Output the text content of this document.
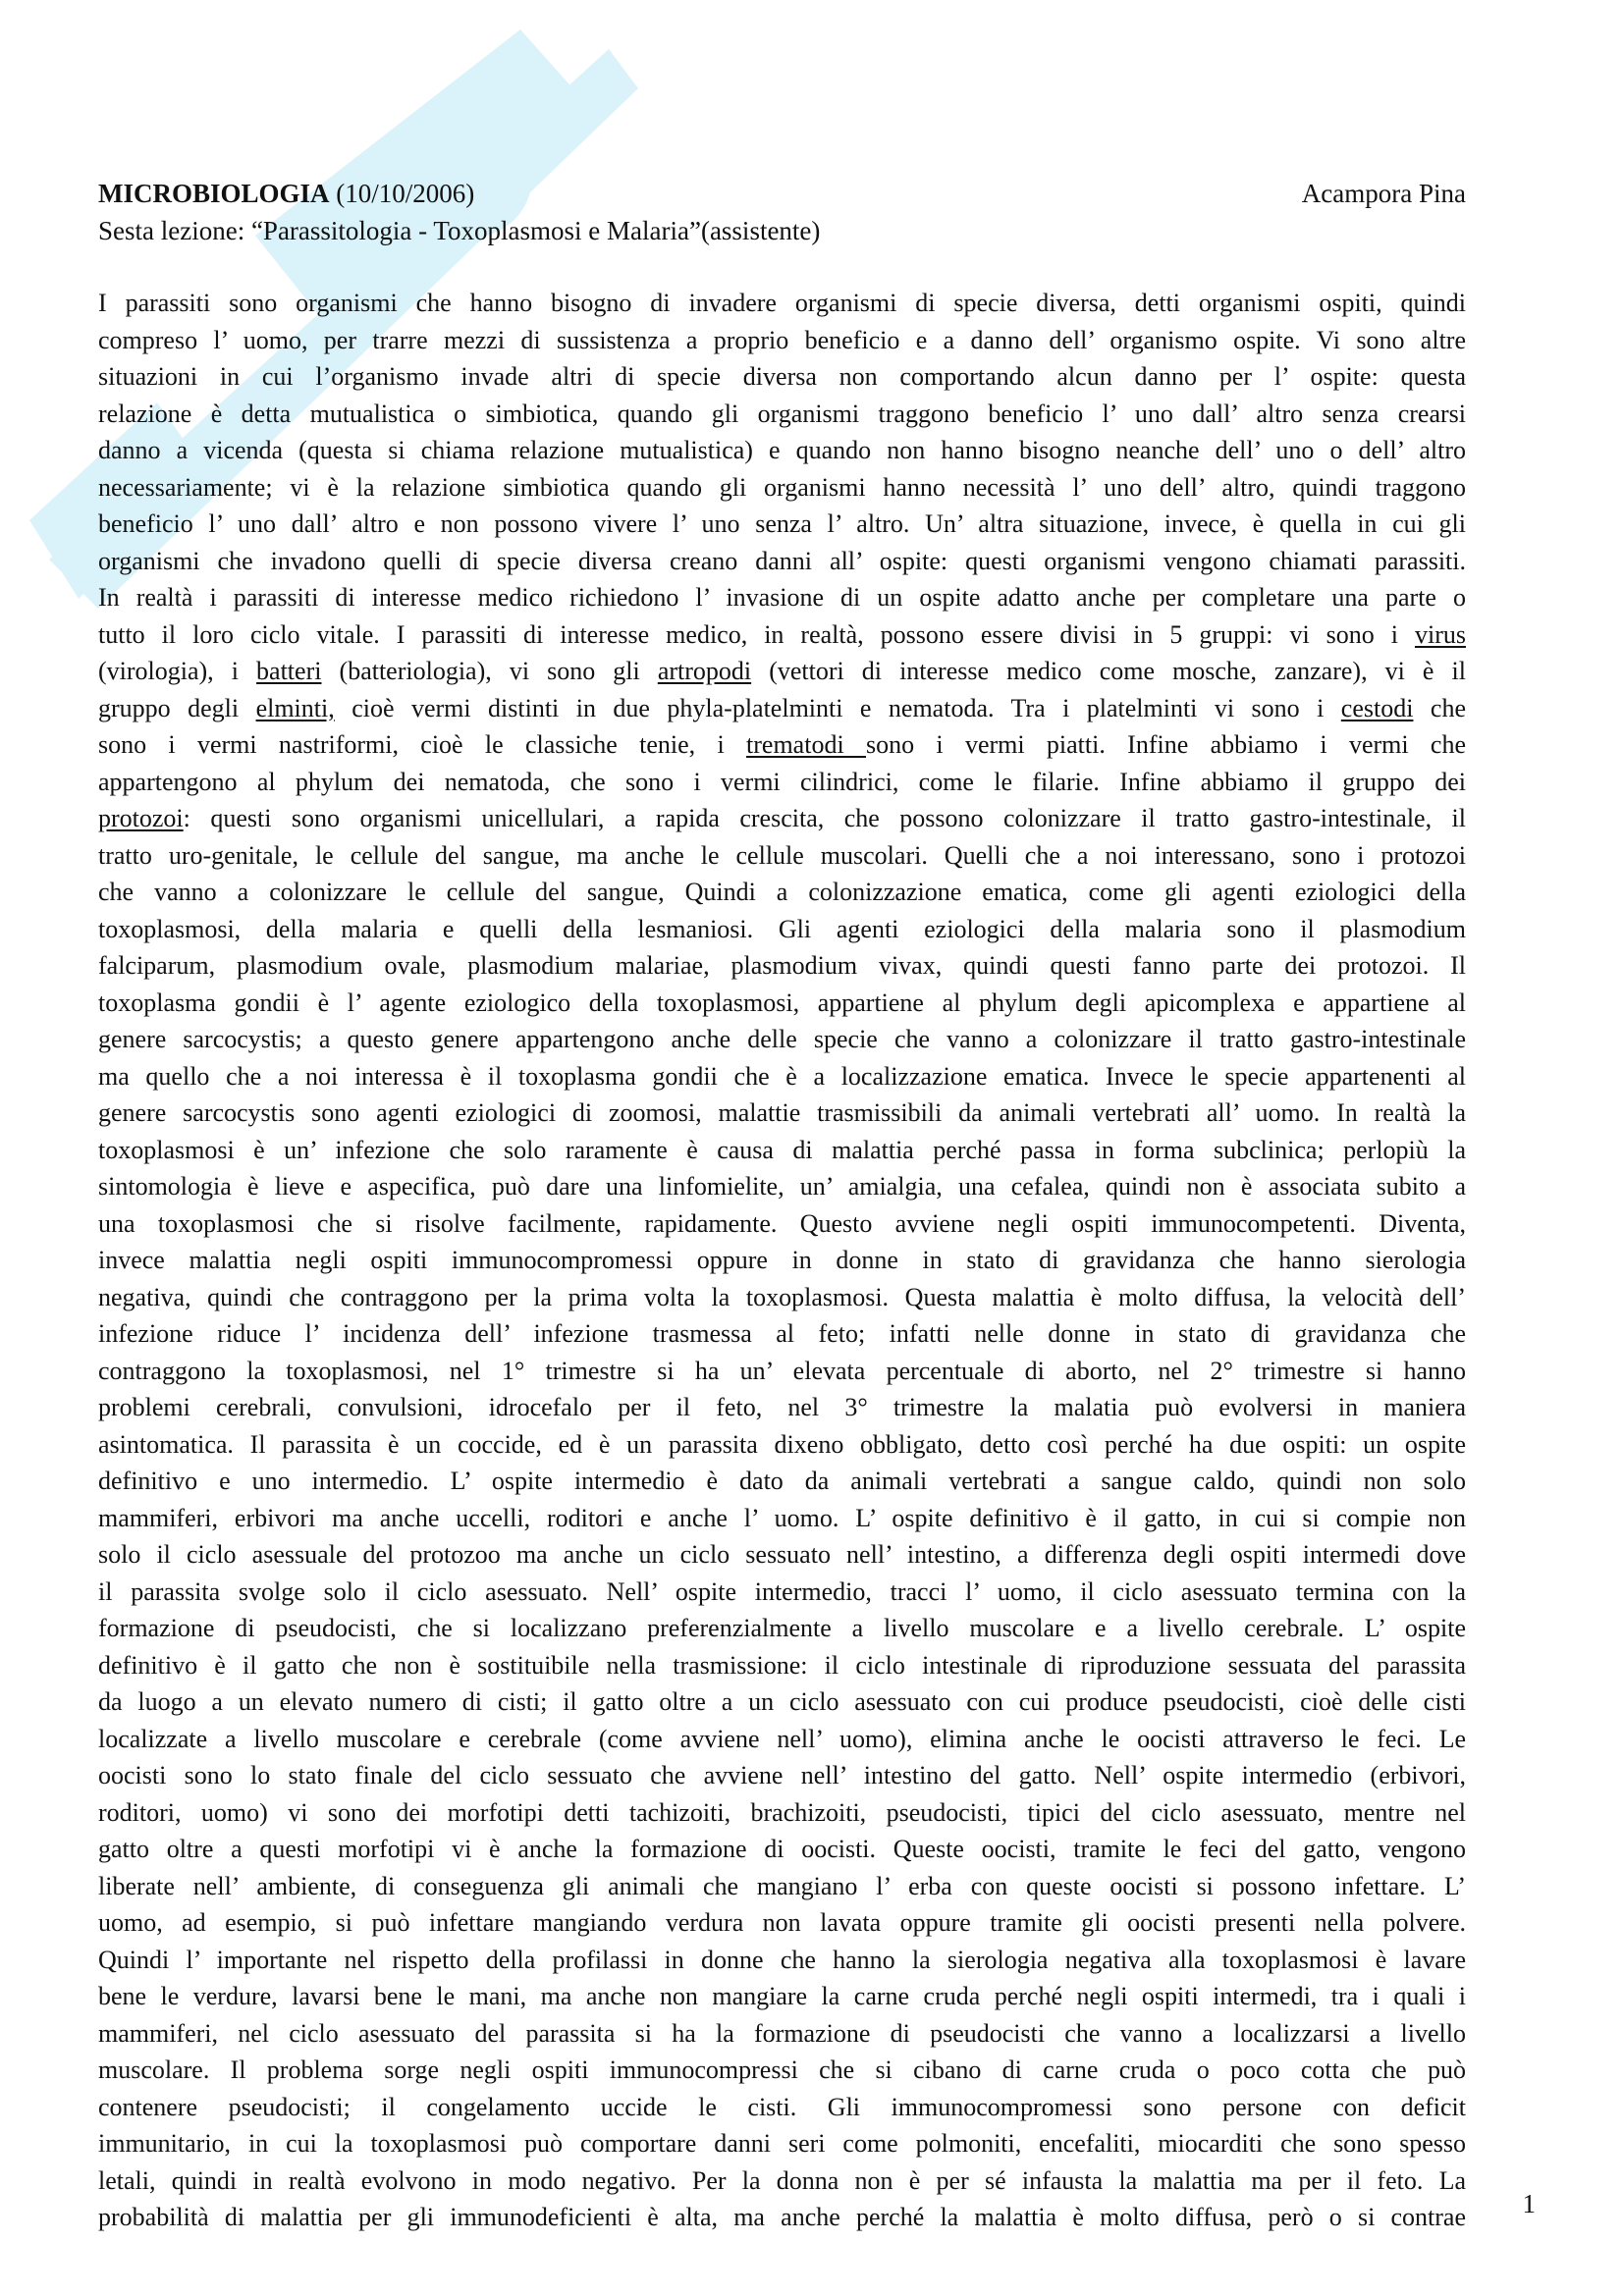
MICROBIOLOGIA (10/10/2006)	Acampora Pina
Sesta lezione: “Parassitologia - Toxoplasmosi e Malaria”(assistente)
I parassiti sono organismi che hanno bisogno di invadere organismi di specie diversa, detti organismi ospiti, quindi
compreso l’ uomo, per trarre mezzi di sussistenza a proprio beneficio e a danno dell’ organismo ospite. Vi sono altre
situazioni in cui l’organismo invade altri di specie diversa non comportando alcun danno per l’ ospite: questa
relazione è detta mutualistica o simbiotica, quando gli organismi traggono beneficio l’ uno dall’ altro senza crearsi
danno a vicenda (questa si chiama relazione mutualistica) e quando non hanno bisogno neanche dell’ uno o dell’ altro
necessariamente; vi è la relazione simbiotica quando gli organismi hanno necessità l’ uno dell’ altro, quindi traggono
beneficio l’ uno dall’ altro e non possono vivere l’ uno senza l’ altro. Un’ altra situazione, invece, è quella in cui gli
organismi che invadono quelli di specie diversa creano danni all’ ospite: questi organismi vengono chiamati parassiti.
In realtà i parassiti di interesse medico richiedono l’ invasione di un ospite adatto anche per completare una parte o
tutto il loro ciclo vitale. I parassiti di interesse medico, in realtà, possono essere divisi in 5 gruppi: vi sono i virus
(virologia), i batteri (batteriologia), vi sono gli artropodi (vettori di interesse medico come mosche, zanzare), vi è il
gruppo degli elminti, cioè vermi distinti in due phyla-platelminti e nematoda. Tra i platelminti vi sono i cestodi che
sono i vermi nastriformi, cioè le classiche tenie, i trematodi sono i vermi piatti. Infine abbiamo i vermi che
appartengono al phylum dei nematoda, che sono i vermi cilindrici, come le filarie. Infine abbiamo il gruppo dei
protozoi: questi sono organismi unicellulari, a rapida crescita, che possono colonizzare il tratto gastro-intestinale, il
tratto uro-genitale, le cellule del sangue, ma anche le cellule muscolari. Quelli che a noi interessano, sono i protozoi
che vanno a colonizzare le cellule del sangue, Quindi a colonizzazione ematica, come gli agenti eziologici della
toxoplasmosi, della malaria e quelli della lesmaniosi. Gli agenti eziologici della malaria sono il plasmodium
falciparum, plasmodium ovale, plasmodium malariae, plasmodium vivax, quindi questi fanno parte dei protozoi. Il
toxoplasma gondii è l’ agente eziologico della toxoplasmosi, appartiene al phylum degli apicomplexa e appartiene al
genere sarcocystis; a questo genere appartengono anche delle specie che vanno a colonizzare il tratto gastro-intestinale
ma quello che a noi interessa è il toxoplasma gondii che è a localizzazione ematica. Invece le specie appartenenti al
genere sarcocystis sono agenti eziologici di zoomosi, malattie trasmissibili da animali vertebrati all’ uomo. In realtà la
toxoplasmosi è un’ infezione che solo raramente è causa di malattia perché passa in forma subclinica; perlopiù la
sintomologia è lieve e aspecifica, può dare una linfomielite, un’ amialgia, una cefalea, quindi non è associata subito a
una toxoplasmosi che si risolve facilmente, rapidamente. Questo avviene negli ospiti immunocompetenti. Diventa,
invece malattia negli ospiti immunocompromessi oppure in donne in stato di gravidanza che hanno sierologia
negativa, quindi che contraggono per la prima volta la toxoplasmosi. Questa malattia è molto diffusa, la velocità dell’
infezione riduce l’ incidenza dell’ infezione trasmessa al feto; infatti nelle donne in stato di gravidanza che
contraggono la toxoplasmosi, nel 1° trimestre si ha un’ elevata percentuale di aborto, nel 2° trimestre si hanno
problemi cerebrali, convulsioni, idrocefalo per il feto, nel 3° trimestre la malatia può evolversi in maniera
asintomatica. Il parassita è un coccide, ed è un parassita dixeno obbligato, detto così perché ha due ospiti: un ospite
definitivo e uno intermedio. L’ ospite intermedio è dato da animali vertebrati a sangue caldo, quindi non solo
mammiferi, erbivori ma anche uccelli, roditori e anche l’ uomo. L’ ospite definitivo è il gatto, in cui si compie non
solo il ciclo asessuale del protozoo ma anche un ciclo sessuato nell’ intestino, a differenza degli ospiti intermedi dove
il parassita svolge solo il ciclo asessuato. Nell’ ospite intermedio, tracci l’ uomo, il ciclo asessuato termina con la
formazione di pseudocisti, che si localizzano preferenzialmente a livello muscolare e a livello cerebrale. L’ ospite
definitivo è il gatto che non è sostituibile nella trasmissione: il ciclo intestinale di riproduzione sessuata del parassita
da luogo a un elevato numero di cisti; il gatto oltre a un ciclo asessuato con cui produce pseudocisti, cioè delle cisti
localizzate a livello muscolare e cerebrale (come avviene nell’ uomo), elimina anche le oocisti attraverso le feci. Le
oocisti sono lo stato finale del ciclo sessuato che avviene nell’ intestino del gatto. Nell’ ospite intermedio (erbivori,
roditori, uomo) vi sono dei morfotipi detti tachizoiti, brachizoiti, pseudocisti, tipici del ciclo asessuato, mentre nel
gatto oltre a questi morfotipi vi è anche la formazione di oocisti. Queste oocisti, tramite le feci del gatto, vengono
liberate nell’ ambiente, di conseguenza gli animali che mangiano l’ erba con queste oocisti si possono infettare. L’
uomo, ad esempio, si può infettare mangiando verdura non lavata oppure tramite gli oocisti presenti nella polvere.
Quindi l’ importante nel rispetto della profilassi in donne che hanno la sierologia negativa alla toxoplasmosi è lavare
bene le verdure, lavarsi bene le mani, ma anche non mangiare la carne cruda perché negli ospiti intermedi, tra i quali i
mammiferi, nel ciclo asessuato del parassita si ha la formazione di pseudocisti che vanno a localizzarsi a livello
muscolare. Il problema sorge negli ospiti immunocompressi che si cibano di carne cruda o poco cotta che può
contenere pseudocisti; il congelamento uccide le cisti. Gli immunocompromessi sono persone con deficit
immunitario, in cui la toxoplasmosi può comportare danni seri come polmoniti, encefaliti, miocarditi che sono spesso
letali, quindi in realtà evolvono in modo negativo. Per la donna non è per sé infausta la malattia ma per il feto. La
probabilità di malattia per gli immunodeficienti è alta, ma anche perché la malattia è molto diffusa, però o si contrae	1
